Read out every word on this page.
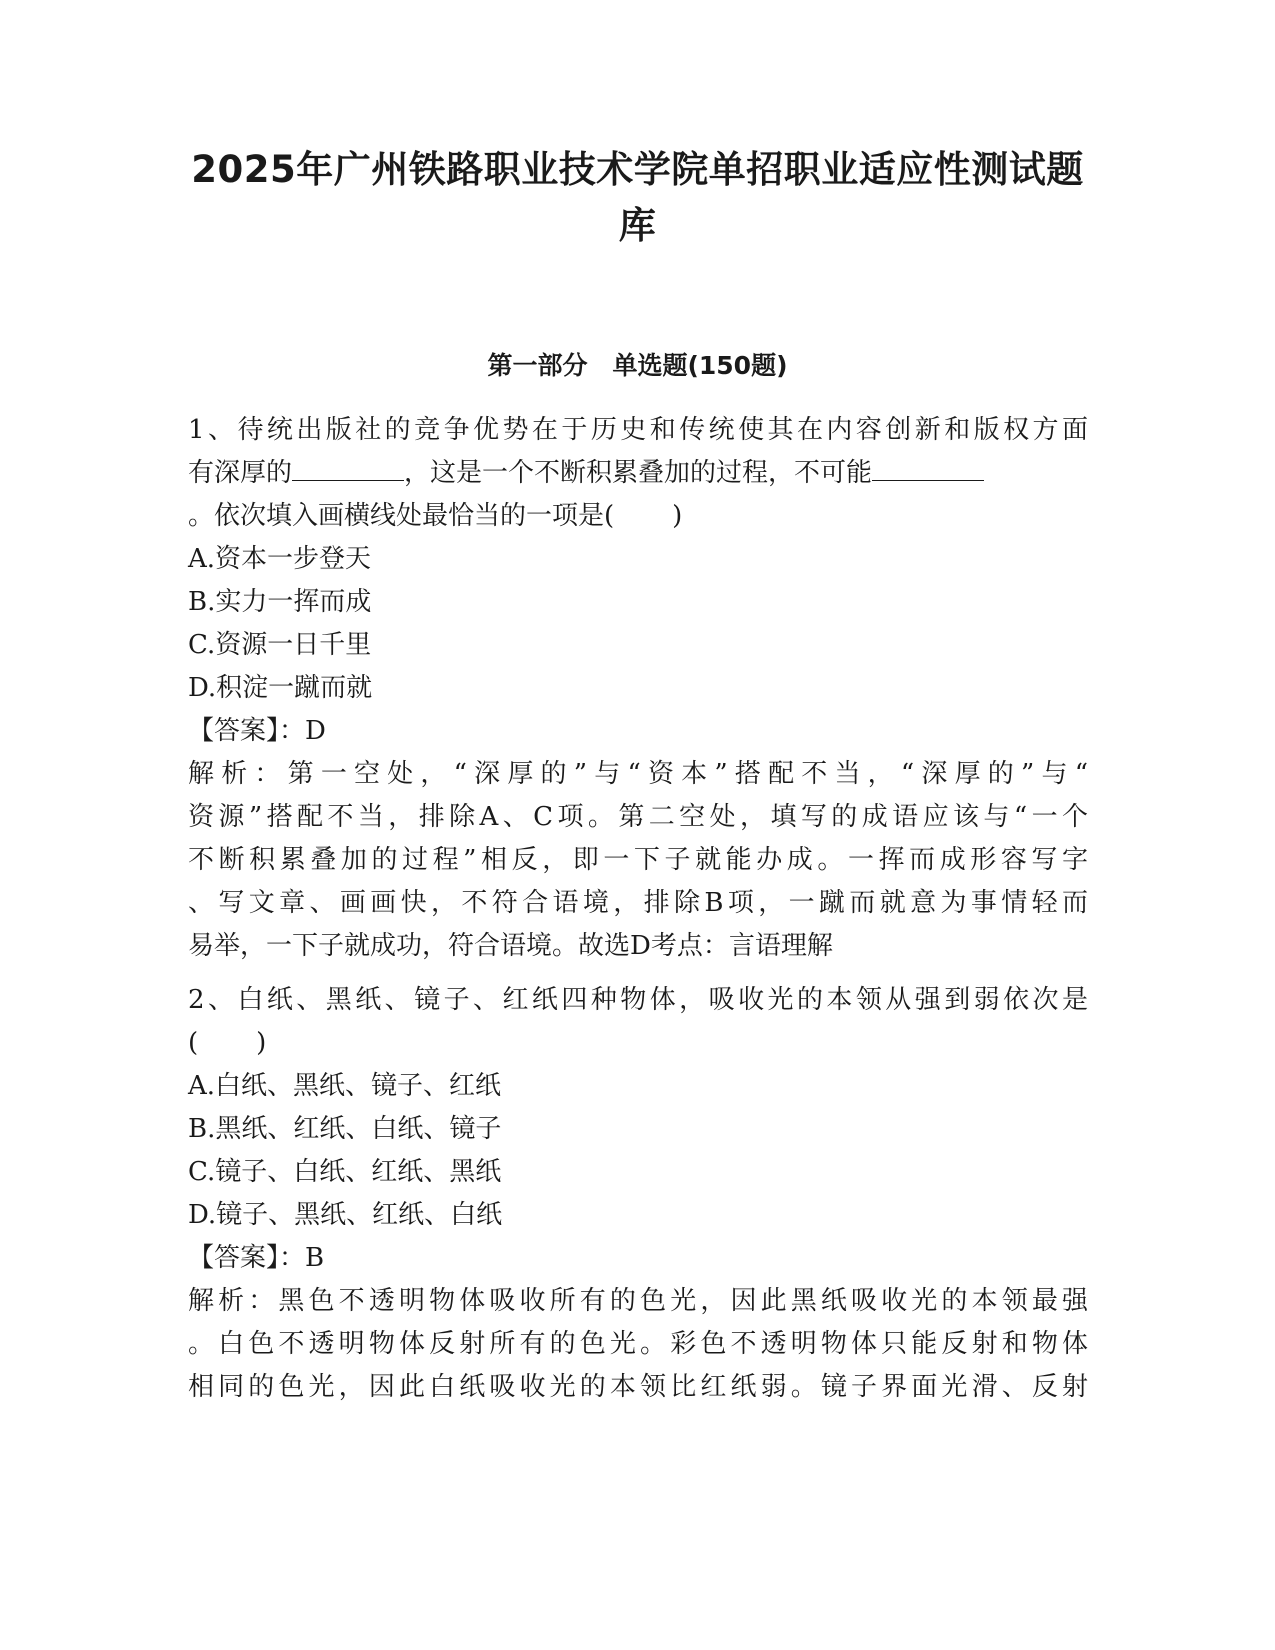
2025年广州铁路职业技术学院单招职业适应性测试题
库
第一部分　单选题(150题)
1、待统出版社的竞争优势在于历史和传统使其在内容创新和版权方面
有深厚的	，这是一个不断积累叠加的过程，不可能
。依次填入画横线处最恰当的一项是( )
A.资本一步登天
B.实力一挥而成
C.资源一日千里
D.积淀一蹴而就
【答案】：D
解析：第一空处，“深厚的”与“资本”搭配不当，“深厚的”与“
资源”搭配不当，排除A、C项。第二空处，填写的成语应该与“一个
不断积累叠加的过程”相反，即一下子就能办成。一挥而成形容写字
、写文章、画画快，不符合语境，排除B项，一蹴而就意为事情轻而
易举，一下子就成功，符合语境。故选D考点：言语理解
2、白纸、黑纸、镜子、红纸四种物体，吸收光的本领从强到弱依次是
( )
A.白纸、黑纸、镜子、红纸
B.黑纸、红纸、白纸、镜子
C.镜子、白纸、红纸、黑纸
D.镜子、黑纸、红纸、白纸
【答案】：B
解析：黑色不透明物体吸收所有的色光，因此黑纸吸收光的本领最强
。白色不透明物体反射所有的色光。彩色不透明物体只能反射和物体
相同的色光，因此白纸吸收光的本领比红纸弱。镜子界面光滑、反射
